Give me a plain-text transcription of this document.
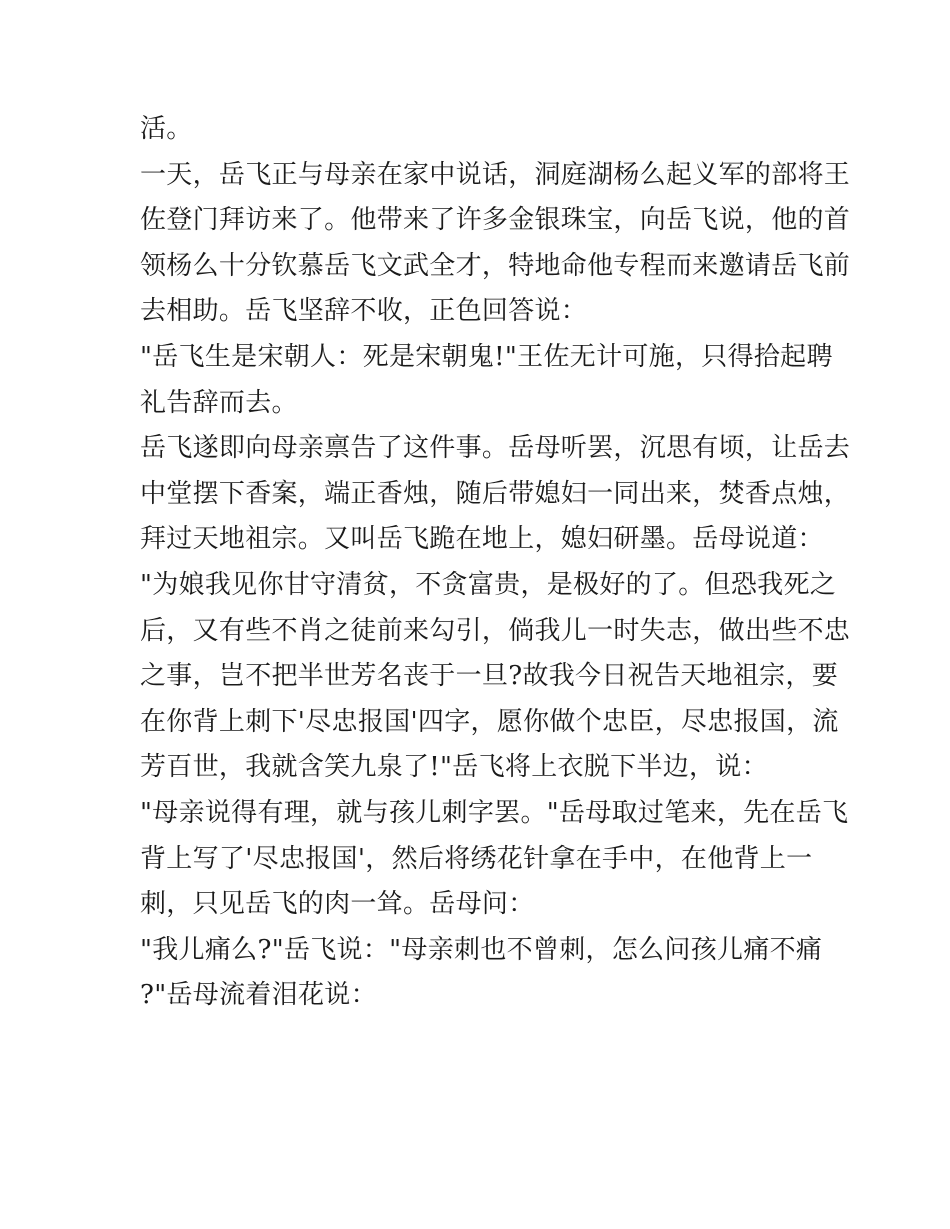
活。
一天，岳飞正与母亲在家中说话，洞庭湖杨么起义军的部将王
佐登门拜访来了。他带来了许多金银珠宝，向岳飞说，他的首
领杨么十分钦慕岳飞文武全才，特地命他专程而来邀请岳飞前
去相助。岳飞坚辞不收，正色回答说：
"岳飞生是宋朝人：死是宋朝鬼!"王佐无计可施，只得拾起聘
礼告辞而去。
岳飞遂即向母亲禀告了这件事。岳母听罢，沉思有顷，让岳去
中堂摆下香案，端正香烛，随后带媳妇一同出来，焚香点烛，
拜过天地祖宗。又叫岳飞跪在地上，媳妇研墨。岳母说道：
"为娘我见你甘守清贫，不贪富贵，是极好的了。但恐我死之
后，又有些不肖之徒前来勾引，倘我儿一时失志，做出些不忠
之事，岂不把半世芳名丧于一旦?故我今日祝告天地祖宗，要
在你背上刺下'尽忠报国'四字，愿你做个忠臣，尽忠报国，流
芳百世，我就含笑九泉了!"岳飞将上衣脱下半边，说：
"母亲说得有理，就与孩儿刺字罢。"岳母取过笔来，先在岳飞
背上写了'尽忠报国'，然后将绣花针拿在手中，在他背上一
刺，只见岳飞的肉一耸。岳母问：
"我儿痛么?"岳飞说："母亲刺也不曾刺，怎么问孩儿痛不痛
?"岳母流着泪花说：
